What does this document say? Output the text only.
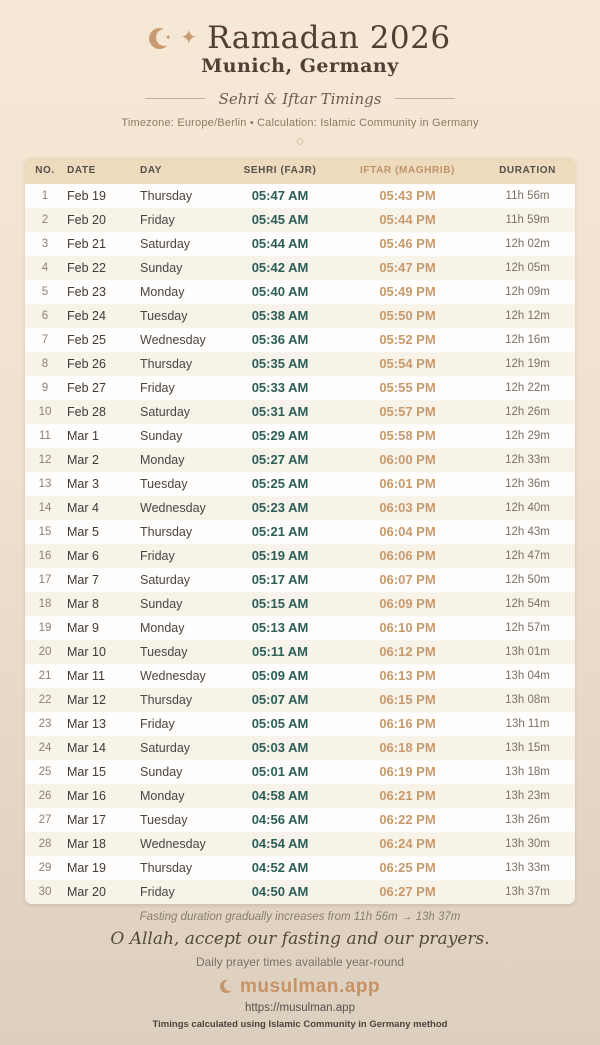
✦
✦ Ramadan 2026
Munich, Germany
Sehri & Iftar Timings
Timezone: Europe/Berlin • Calculation: Islamic Community in Germany
◇
NO.	DATE	DAY	SEHRI (FAJR)	IFTAR (MAGHRIB)	DURATION
1	Feb 19	Thursday	05:47 AM	05:43 PM	11h 56m
2	Feb 20	Friday	05:45 AM	05:44 PM	11h 59m
3	Feb 21	Saturday	05:44 AM	05:46 PM	12h 02m
4	Feb 22	Sunday	05:42 AM	05:47 PM	12h 05m
5	Feb 23	Monday	05:40 AM	05:49 PM	12h 09m
6	Feb 24	Tuesday	05:38 AM	05:50 PM	12h 12m
7	Feb 25	Wednesday	05:36 AM	05:52 PM	12h 16m
8	Feb 26	Thursday	05:35 AM	05:54 PM	12h 19m
9	Feb 27	Friday	05:33 AM	05:55 PM	12h 22m
10	Feb 28	Saturday	05:31 AM	05:57 PM	12h 26m
11	Mar 1	Sunday	05:29 AM	05:58 PM	12h 29m
12	Mar 2	Monday	05:27 AM	06:00 PM	12h 33m
13	Mar 3	Tuesday	05:25 AM	06:01 PM	12h 36m
14	Mar 4	Wednesday	05:23 AM	06:03 PM	12h 40m
15	Mar 5	Thursday	05:21 AM	06:04 PM	12h 43m
16	Mar 6	Friday	05:19 AM	06:06 PM	12h 47m
17	Mar 7	Saturday	05:17 AM	06:07 PM	12h 50m
18	Mar 8	Sunday	05:15 AM	06:09 PM	12h 54m
19	Mar 9	Monday	05:13 AM	06:10 PM	12h 57m
20	Mar 10	Tuesday	05:11 AM	06:12 PM	13h 01m
21	Mar 11	Wednesday	05:09 AM	06:13 PM	13h 04m
22	Mar 12	Thursday	05:07 AM	06:15 PM	13h 08m
23	Mar 13	Friday	05:05 AM	06:16 PM	13h 11m
24	Mar 14	Saturday	05:03 AM	06:18 PM	13h 15m
25	Mar 15	Sunday	05:01 AM	06:19 PM	13h 18m
26	Mar 16	Monday	04:58 AM	06:21 PM	13h 23m
27	Mar 17	Tuesday	04:56 AM	06:22 PM	13h 26m
28	Mar 18	Wednesday	04:54 AM	06:24 PM	13h 30m
29	Mar 19	Thursday	04:52 AM	06:25 PM	13h 33m
30	Mar 20	Friday	04:50 AM	06:27 PM	13h 37m
Fasting duration gradually increases from 11h 56m → 13h 37m
O Allah, accept our fasting and our prayers.
Daily prayer times available year-round
musulman.app
https://musulman.app
Timings calculated using Islamic Community in Germany method
